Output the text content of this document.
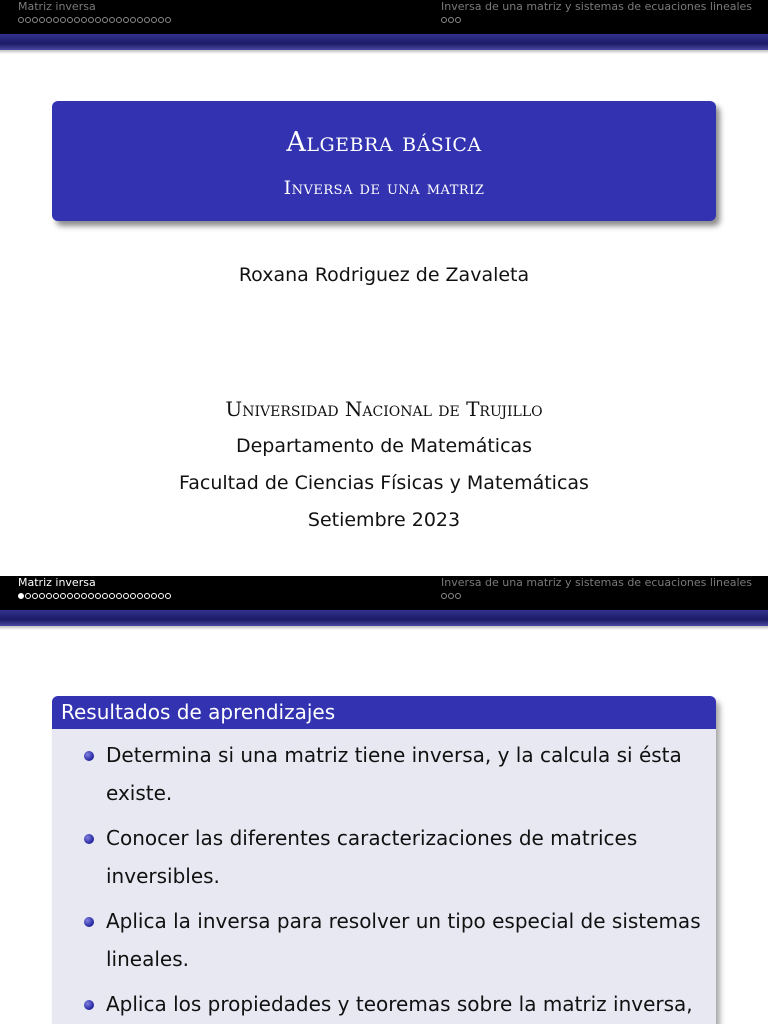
Matriz inversa	Inversa de una matriz y sistemas de ecuaciones lineales
Algebra básica
Inversa de una matriz
Roxana Rodriguez de Zavaleta
Universidad Nacional de Trujillo
Departamento de Matemáticas
Facultad de Ciencias Físicas y Matemáticas
Setiembre 2023
Matriz inversa	Inversa de una matriz y sistemas de ecuaciones lineales
Resultados de aprendizajes
Determina si una matriz tiene inversa, y la calcula si ésta existe.
Conocer las diferentes caracterizaciones de matrices inversibles.
Aplica la inversa para resolver un tipo especial de sistemas lineales.
Aplica los propiedades y teoremas sobre la matriz inversa,
